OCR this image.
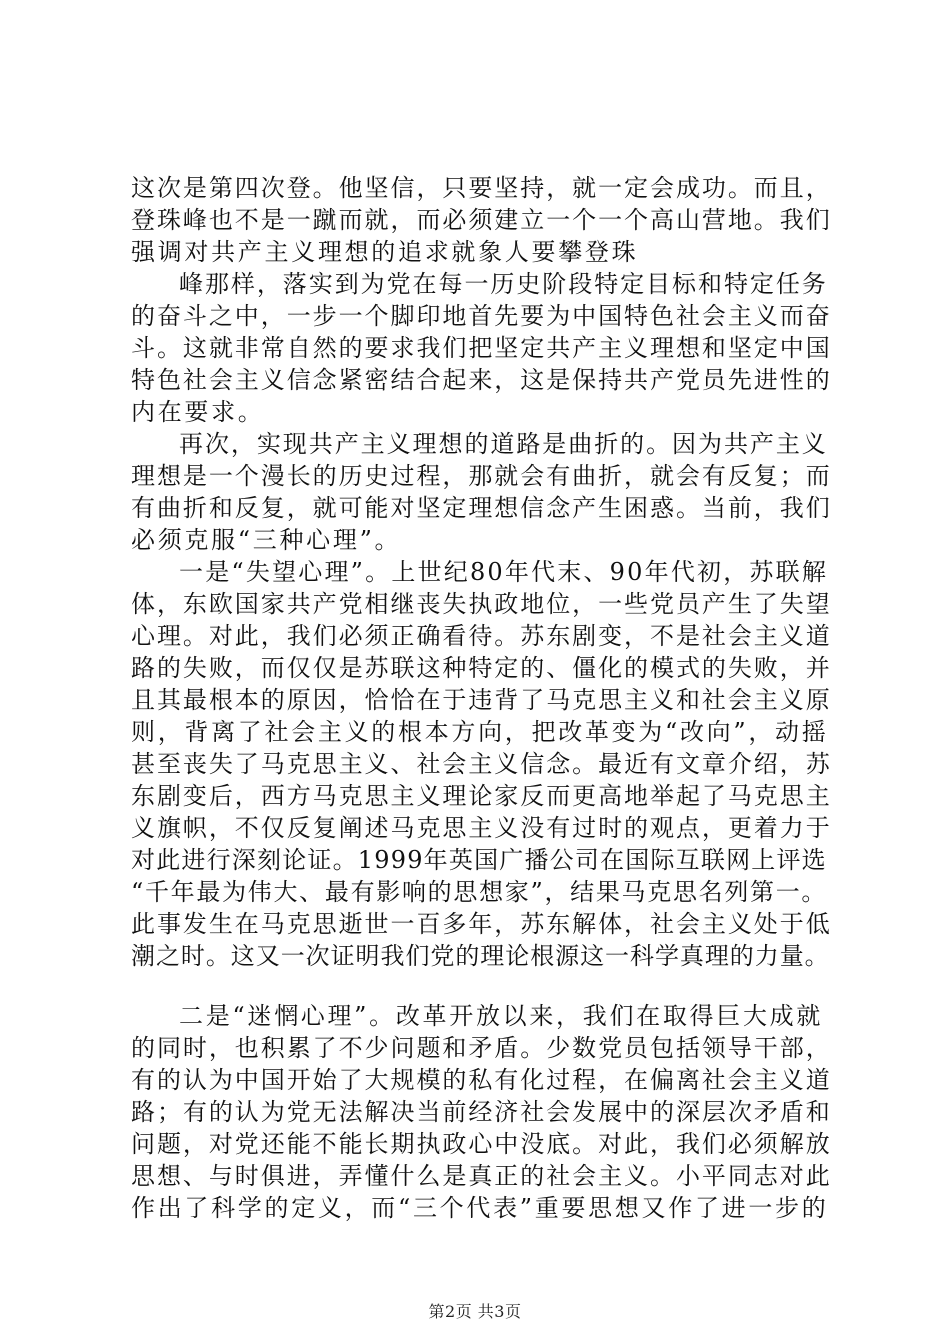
这次是第四次登。他坚信，只要坚持，就一定会成功。而且，
登珠峰也不是一蹴而就，而必须建立一个一个高山营地。我们
强调对共产主义理想的追求就象人要攀登珠
峰那样，落实到为党在每一历史阶段特定目标和特定任务
的奋斗之中，一步一个脚印地首先要为中国特色社会主义而奋
斗。这就非常自然的要求我们把坚定共产主义理想和坚定中国
特色社会主义信念紧密结合起来，这是保持共产党员先进性的
内在要求。
再次，实现共产主义理想的道路是曲折的。因为共产主义
理想是一个漫长的历史过程，那就会有曲折，就会有反复；而
有曲折和反复，就可能对坚定理想信念产生困惑。当前，我们
必须克服“三种心理”。
一是“失望心理”。上世纪80年代末、90年代初，苏联解
体，东欧国家共产党相继丧失执政地位，一些党员产生了失望
心理。对此，我们必须正确看待。苏东剧变，不是社会主义道
路的失败，而仅仅是苏联这种特定的、僵化的模式的失败，并
且其最根本的原因，恰恰在于违背了马克思主义和社会主义原
则，背离了社会主义的根本方向，把改革变为“改向”，动摇
甚至丧失了马克思主义、社会主义信念。最近有文章介绍，苏
东剧变后，西方马克思主义理论家反而更高地举起了马克思主
义旗帜，不仅反复阐述马克思主义没有过时的观点，更着力于
对此进行深刻论证。1999年英国广播公司在国际互联网上评选
“千年最为伟大、最有影响的思想家”，结果马克思名列第一。
此事发生在马克思逝世一百多年，苏东解体，社会主义处于低
潮之时。这又一次证明我们党的理论根源这一科学真理的力量。
二是“迷惘心理”。改革开放以来，我们在取得巨大成就
的同时，也积累了不少问题和矛盾。少数党员包括领导干部，
有的认为中国开始了大规模的私有化过程，在偏离社会主义道
路；有的认为党无法解决当前经济社会发展中的深层次矛盾和
问题，对党还能不能长期执政心中没底。对此，我们必须解放
思想、与时俱进，弄懂什么是真正的社会主义。小平同志对此
作出了科学的定义，而“三个代表”重要思想又作了进一步的
第2页 共3页
